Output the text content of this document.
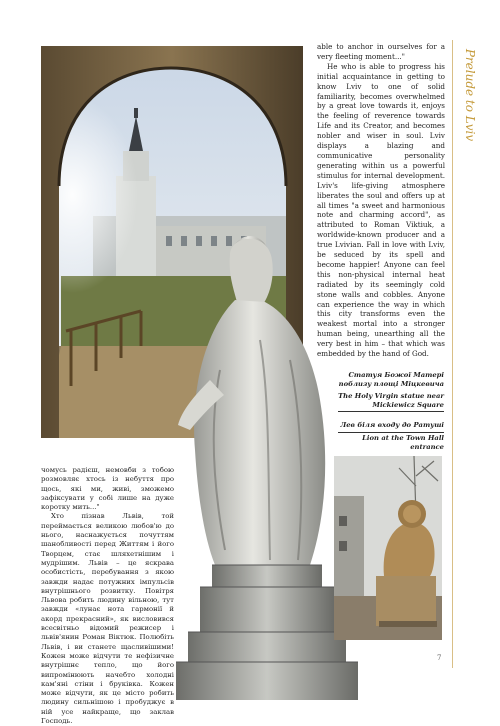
Prelude to Lviv

able to anchor in ourselves for a very fleeting moment..."

He who is able to progress his initial acquaintance in getting to know Lviv to one of solid familiarity, becomes overwhelmed by a great love towards it, enjoys the feeling of reverence towards Life and its Creator, and becomes nobler and wiser in soul. Lviv displays a blazing and communicative personality generating within us a powerful stimulus for internal development. Lviv's life-giving atmosphere liberates the soul and offers up at all times "a sweet and harmonious note and charming accord", as attributed to Roman Viktiuk, a worldwide-known producer and a true Lvivian. Fall in love with Lviv, be seduced by its spell and become happier! Anyone can feel this non-physical internal heat radiated by its seemingly cold stone walls and cobbles. Anyone can experience the way in which this city transforms even the weakest mortal into a stronger human being, unearthing all the very best in him – that which was embedded by the hand of God.

Статуя Божої Матері поблизу площі Міцкевича
The Holy Virgin statue near Mickiewicz Square
Лев біля входу до Ратуші
Lion at the Town Hall entrance

чомусь радієш, немовби з тобою розмовляє хтось із небуття про щось, які ми, живі, зможемо зафіксувати у собі лише на дуже коротку мить..."

Хто пізнав Львів, той переймається великою любов'ю до нього, наснажується почуттям шанобливості перед Життям і його Творцем, стає шляхетнішим і мудрішим. Львів – це яскрава особистість, перебування з якою завжди надає потужних імпульсів внутрішнього розвитку. Повітря Львова робить людину вільною, тут завжди «лунає нота гармонії й акорд прекрасний», як висловився всесвітньо відомий режисер і львів'янин Роман Віктюк. Полюбіть Львів, і ви станете щасливішими! Кожен може відчути те нефізичне внутрішнє тепло, що його випромінюють начебто холодні кам'яні стіни і бруківка. Кожен може відчути, як це місто робить людину сильнішою і пробуджує в ній усе найкраще, що заклав Господь.

7
